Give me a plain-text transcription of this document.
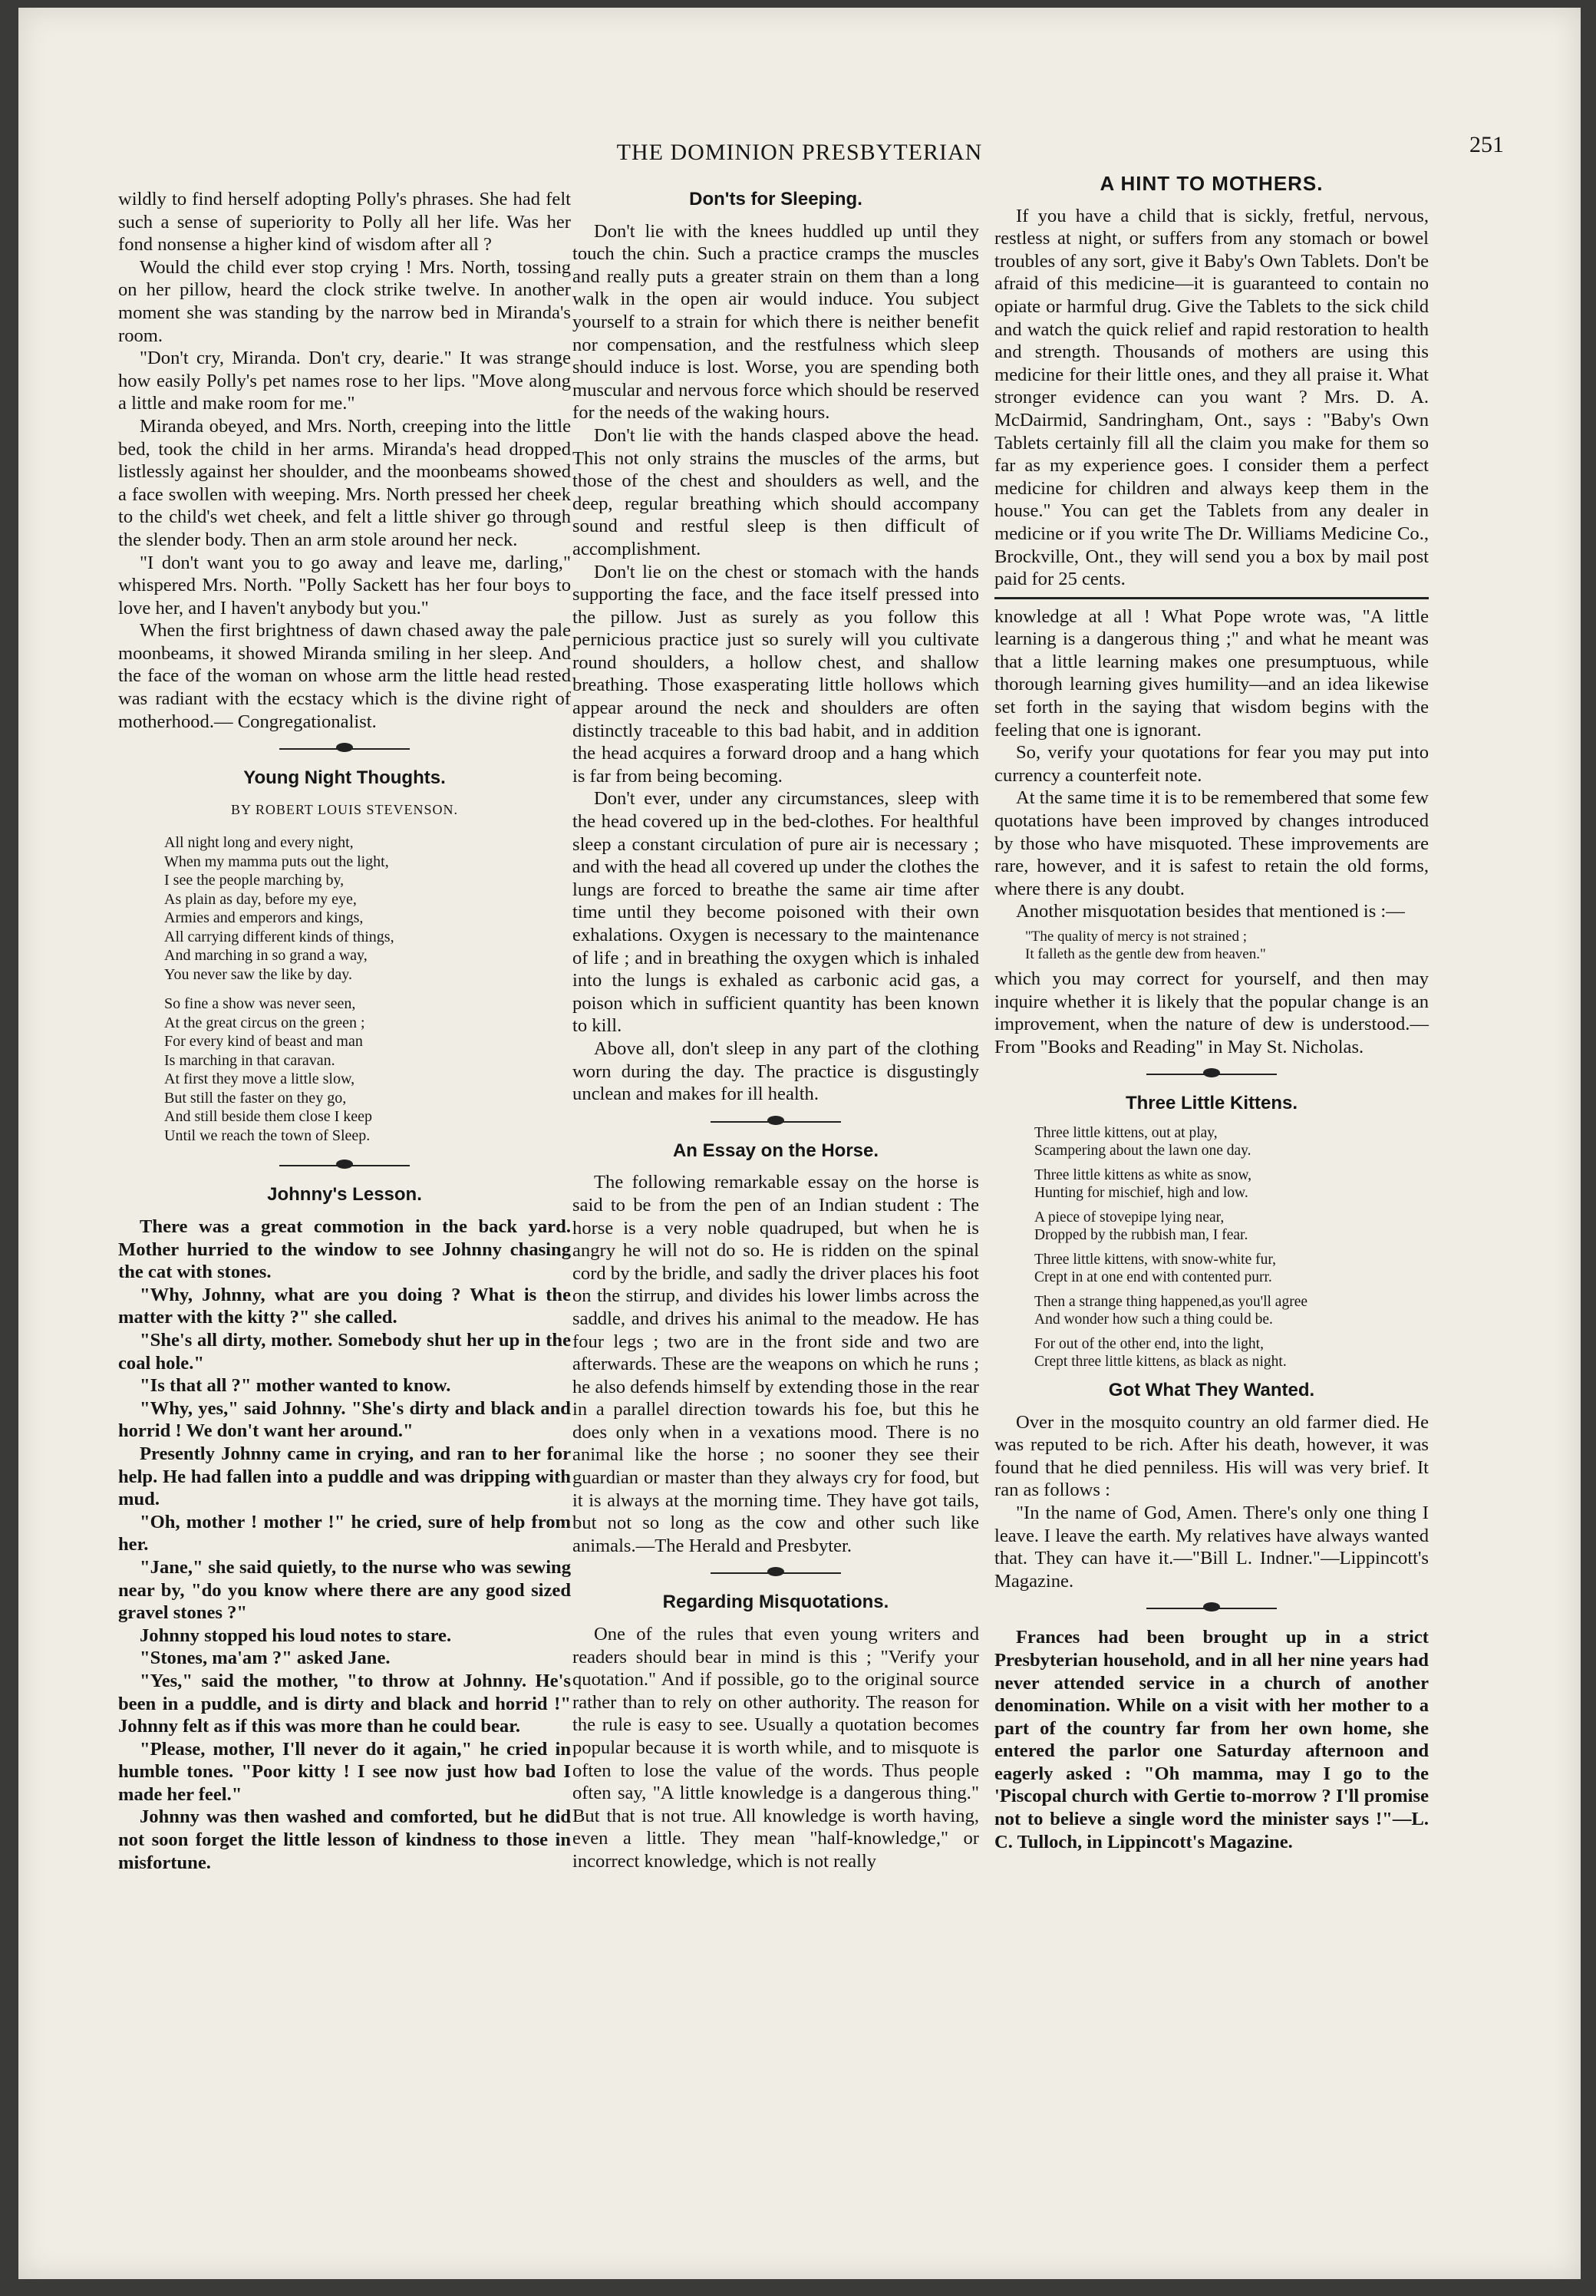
THE DOMINION PRESBYTERIAN	251

wildly to find herself adopting Polly's phrases. She had felt such a sense of superiority to Polly all her life. Was her fond nonsense a higher kind of wisdom after all ?

Would the child ever stop crying ! Mrs. North, tossing on her pillow, heard the clock strike twelve. In another moment she was standing by the narrow bed in Miranda's room.

"Don't cry, Miranda. Don't cry, dearie." It was strange how easily Polly's pet names rose to her lips. "Move along a little and make room for me."

Miranda obeyed, and Mrs. North, creeping into the little bed, took the child in her arms. Miranda's head dropped listlessly against her shoulder, and the moonbeams showed a face swollen with weeping. Mrs. North pressed her cheek to the child's wet cheek, and felt a little shiver go through the slender body. Then an arm stole around her neck.

"I don't want you to go away and leave me, darling," whispered Mrs. North. "Polly Sackett has her four boys to love her, and I haven't anybody but you."

When the first brightness of dawn chased away the pale moonbeams, it showed Miranda smiling in her sleep. And the face of the woman on whose arm the little head rested was radiant with the ecstacy which is the divine right of motherhood.— Congregationalist.

Young Night Thoughts.
BY ROBERT LOUIS STEVENSON.
All night long and every night,
When my mamma puts out the light,
I see the people marching by,
As plain as day, before my eye,
Armies and emperors and kings,
All carrying different kinds of things,
And marching in so grand a way,
You never saw the like by day.
So fine a show was never seen,
At the great circus on the green ;
For every kind of beast and man
Is marching in that caravan.
At first they move a little slow,
But still the faster on they go,
And still beside them close I keep
Until we reach the town of Sleep.
Johnny's Lesson.

There was a great commotion in the back yard. Mother hurried to the window to see Johnny chasing the cat with stones.

"Why, Johnny, what are you doing ? What is the matter with the kitty ?" she called.

"She's all dirty, mother. Somebody shut her up in the coal hole."

"Is that all ?" mother wanted to know.

"Why, yes," said Johnny. "She's dirty and black and horrid ! We don't want her around."

Presently Johnny came in crying, and ran to her for help. He had fallen into a puddle and was dripping with mud.

"Oh, mother ! mother !" he cried, sure of help from her.

"Jane," she said quietly, to the nurse who was sewing near by, "do you know where there are any good sized gravel stones ?"

Johnny stopped his loud notes to stare.

"Stones, ma'am ?" asked Jane.

"Yes," said the mother, "to throw at Johnny. He's been in a puddle, and is dirty and black and horrid !" Johnny felt as if this was more than he could bear.

"Please, mother, I'll never do it again," he cried in humble tones. "Poor kitty ! I see now just how bad I made her feel."

Johnny was then washed and comforted, but he did not soon forget the little lesson of kindness to those in misfortune.

Don'ts for Sleeping.

Don't lie with the knees huddled up until they touch the chin. Such a practice cramps the muscles and really puts a greater strain on them than a long walk in the open air would induce. You subject yourself to a strain for which there is neither benefit nor compensation, and the restfulness which sleep should induce is lost. Worse, you are spending both muscular and nervous force which should be reserved for the needs of the waking hours.

Don't lie with the hands clasped above the head. This not only strains the muscles of the arms, but those of the chest and shoulders as well, and the deep, regular breathing which should accompany sound and restful sleep is then difficult of accomplishment.

Don't lie on the chest or stomach with the hands supporting the face, and the face itself pressed into the pillow. Just as surely as you follow this pernicious practice just so surely will you cultivate round shoulders, a hollow chest, and shallow breathing. Those exasperating little hollows which appear around the neck and shoulders are often distinctly traceable to this bad habit, and in addition the head acquires a forward droop and a hang which is far from being becoming.

Don't ever, under any circumstances, sleep with the head covered up in the bed-clothes. For healthful sleep a constant circulation of pure air is necessary ; and with the head all covered up under the clothes the lungs are forced to breathe the same air time after time until they become poisoned with their own exhalations. Oxygen is necessary to the maintenance of life ; and in breathing the oxygen which is inhaled into the lungs is exhaled as carbonic acid gas, a poison which in sufficient quantity has been known to kill.

Above all, don't sleep in any part of the clothing worn during the day. The practice is disgustingly unclean and makes for ill health.

An Essay on the Horse.

The following remarkable essay on the horse is said to be from the pen of an Indian student : The horse is a very noble quadruped, but when he is angry he will not do so. He is ridden on the spinal cord by the bridle, and sadly the driver places his foot on the stirrup, and divides his lower limbs across the saddle, and drives his animal to the meadow. He has four legs ; two are in the front side and two are afterwards. These are the weapons on which he runs ; he also defends himself by extending those in the rear in a parallel direction towards his foe, but this he does only when in a vexations mood. There is no animal like the horse ; no sooner they see their guardian or master than they always cry for food, but it is always at the morning time. They have got tails, but not so long as the cow and other such like animals.—The Herald and Presbyter.

Regarding Misquotations.

One of the rules that even young writers and readers should bear in mind is this ; "Verify your quotation." And if possible, go to the original source rather than to rely on other authority. The reason for the rule is easy to see. Usually a quotation becomes popular because it is worth while, and to misquote is often to lose the value of the words. Thus people often say, "A little knowledge is a dangerous thing." But that is not true. All knowledge is worth having, even a little. They mean "half-knowledge," or incorrect knowledge, which is not really

A HINT TO MOTHERS.

If you have a child that is sickly, fretful, nervous, restless at night, or suffers from any stomach or bowel troubles of any sort, give it Baby's Own Tablets. Don't be afraid of this medicine—it is guaranteed to contain no opiate or harmful drug. Give the Tablets to the sick child and watch the quick relief and rapid restoration to health and strength. Thousands of mothers are using this medicine for their little ones, and they all praise it. What stronger evidence can you want ? Mrs. D. A. McDairmid, Sandringham, Ont., says : "Baby's Own Tablets certainly fill all the claim you make for them so far as my experience goes. I consider them a perfect medicine for children and always keep them in the house." You can get the Tablets from any dealer in medicine or if you write The Dr. Williams Medicine Co., Brockville, Ont., they will send you a box by mail post paid for 25 cents.

knowledge at all ! What Pope wrote was, "A little learning is a dangerous thing ;" and what he meant was that a little learning makes one presumptuous, while thorough learning gives humility—and an idea likewise set forth in the saying that wisdom begins with the feeling that one is ignorant.

So, verify your quotations for fear you may put into currency a counterfeit note.

At the same time it is to be remembered that some few quotations have been improved by changes introduced by those who have misquoted. These improvements are rare, however, and it is safest to retain the old forms, where there is any doubt.

Another misquotation besides that mentioned is :—

"The quality of mercy is not strained ;
It falleth as the gentle dew from heaven."

which you may correct for yourself, and then may inquire whether it is likely that the popular change is an improvement, when the nature of dew is understood.—From "Books and Reading" in May St. Nicholas.

Three Little Kittens.
Three little kittens, out at play,
Scampering about the lawn one day.
Three little kittens as white as snow,
Hunting for mischief, high and low.
A piece of stovepipe lying near,
Dropped by the rubbish man, I fear.
Three little kittens, with snow-white fur,
Crept in at one end with contented purr.
Then a strange thing happened,as you'll agree
And wonder how such a thing could be.
For out of the other end, into the light,
Crept three little kittens, as black as night.
Got What They Wanted.

Over in the mosquito country an old farmer died. He was reputed to be rich. After his death, however, it was found that he died penniless. His will was very brief. It ran as follows :

"In the name of God, Amen. There's only one thing I leave. I leave the earth. My relatives have always wanted that. They can have it.—"Bill L. Indner."—Lippincott's Magazine.

Frances had been brought up in a strict Presbyterian household, and in all her nine years had never attended service in a church of another denomination. While on a visit with her mother to a part of the country far from her own home, she entered the parlor one Saturday afternoon and eagerly asked : "Oh mamma, may I go to the 'Piscopal church with Gertie to-morrow ? I'll promise not to believe a single word the minister says !"—L. C. Tulloch, in Lippincott's Magazine.
